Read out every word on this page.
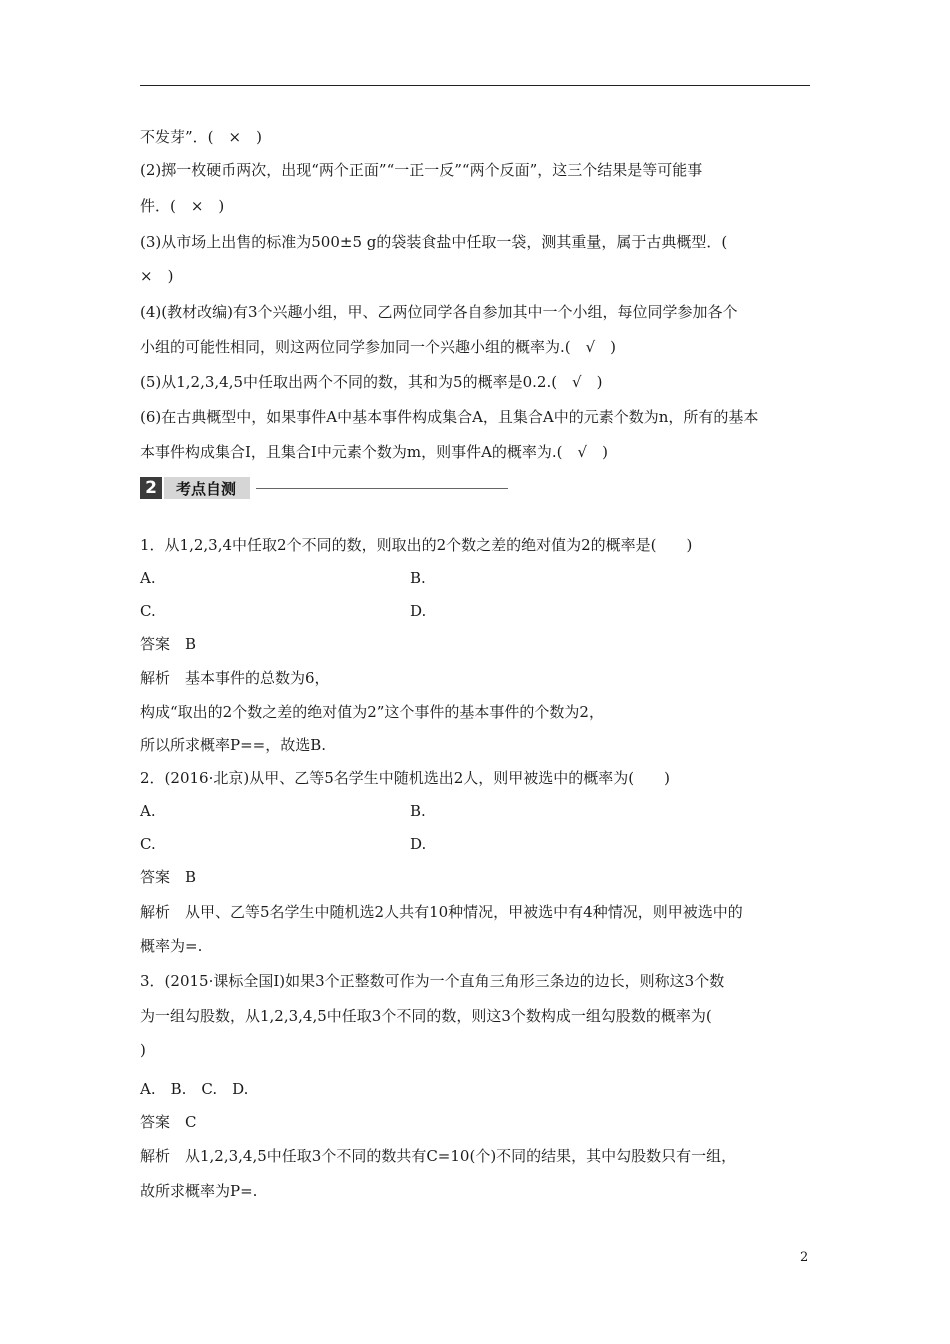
不发芽”．(　×　)
(2)掷一枚硬币两次，出现“两个正面”“一正一反”“两个反面”，这三个结果是等可能事
件．(　×　)
(3)从市场上出售的标准为500±5 g的袋装食盐中任取一袋，测其重量，属于古典概型．(
×　)
(4)(教材改编)有3个兴趣小组，甲、乙两位同学各自参加其中一个小组，每位同学参加各个
小组的可能性相同，则这两位同学参加同一个兴趣小组的概率为.(　√　)
(5)从1,2,3,4,5中任取出两个不同的数，其和为5的概率是0.2.(　√　)
(6)在古典概型中，如果事件A中基本事件构成集合A，且集合A中的元素个数为n，所有的基本
本事件构成集合I，且集合I中元素个数为m，则事件A的概率为.(　√　)
2	考点自测
1．从1,2,3,4中任取2个不同的数，则取出的2个数之差的绝对值为2的概率是(　　)
A.	B.
C.	D.
答案　B
解析　基本事件的总数为6，
构成“取出的2个数之差的绝对值为2”这个事件的基本事件的个数为2，
所以所求概率P==，故选B.
2．(2016·北京)从甲、乙等5名学生中随机选出2人，则甲被选中的概率为(　　)
A.	B.
C.	D.
答案　B
解析　从甲、乙等5名学生中随机选2人共有10种情况，甲被选中有4种情况，则甲被选中的
概率为=.
3．(2015·课标全国Ⅰ)如果3个正整数可作为一个直角三角形三条边的边长，则称这3个数
为一组勾股数，从1,2,3,4,5中任取3个不同的数，则这3个数构成一组勾股数的概率为(
)
A.　B.　C.　D.
答案　C
解析　从1,2,3,4,5中任取3个不同的数共有C=10(个)不同的结果，其中勾股数只有一组，
故所求概率为P=.
2
